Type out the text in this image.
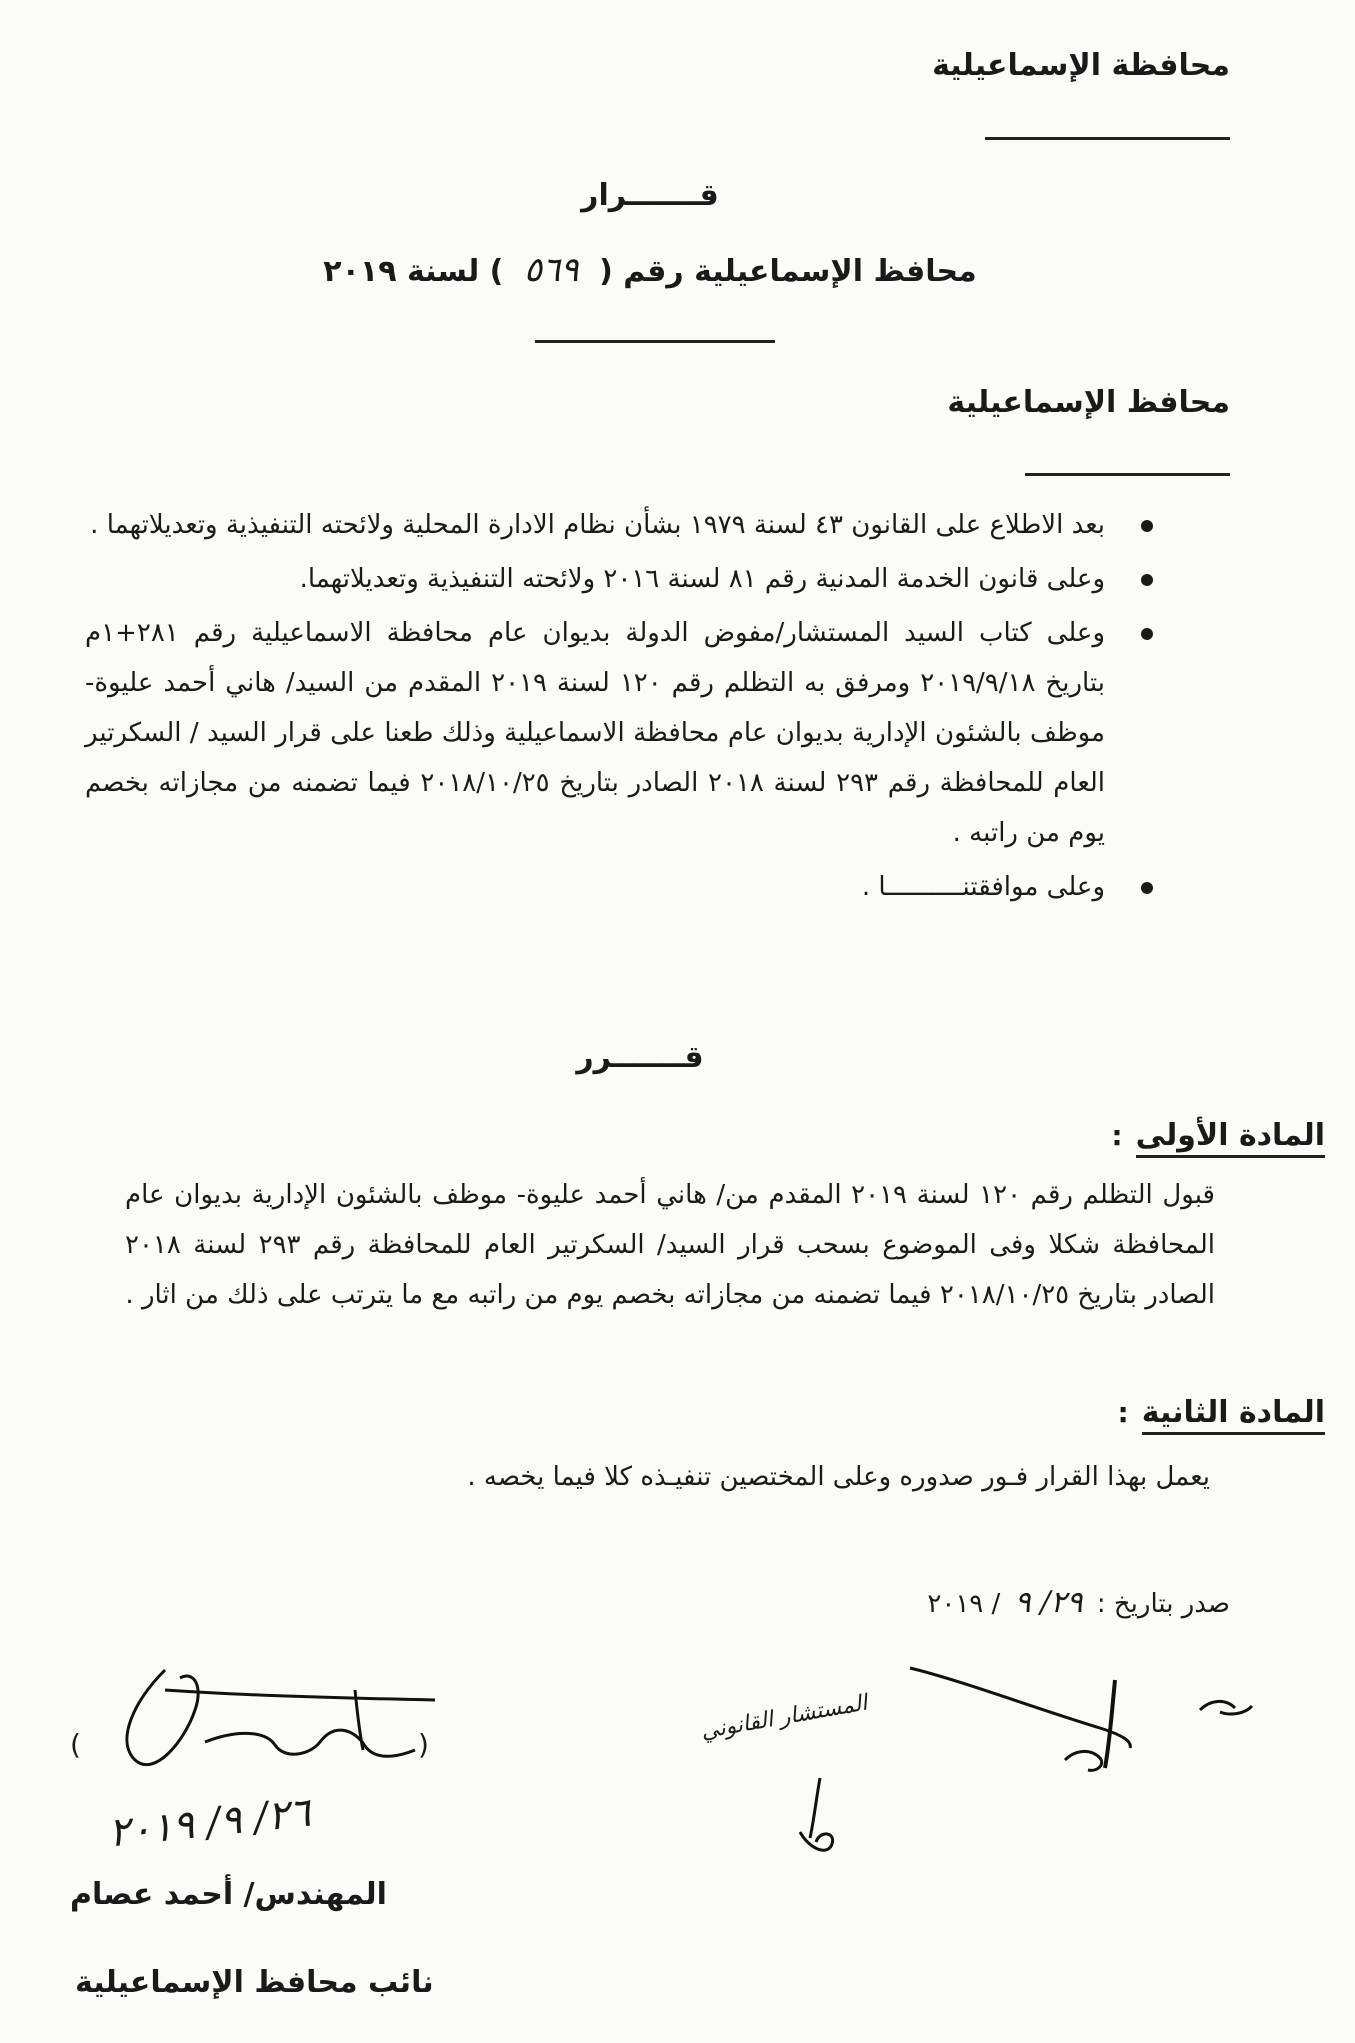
محافظة الإسماعيلية
قـــــــرار
محافظ الإسماعيلية رقم ( ٥٦٩ ) لسنة ٢٠١٩
محافظ الإسماعيلية
بعد الاطلاع على القانون ٤٣ لسنة ١٩٧٩ بشأن نظام الادارة المحلية ولائحته التنفيذية وتعديلاتهما .
وعلى قانون الخدمة المدنية رقم ٨١ لسنة ٢٠١٦ ولائحته التنفيذية وتعديلاتهما.
وعلى كتاب السيد المستشار/مفوض الدولة بديوان عام محافظة الاسماعيلية رقم ٢٨١+١م بتاريخ ٢٠١٩/٩/١٨ ومرفق به التظلم رقم ١٢٠ لسنة ٢٠١٩ المقدم من السيد/ هاني أحمد عليوة- موظف بالشئون الإدارية بديوان عام محافظة الاسماعيلية وذلك طعنا على قرار السيد / السكرتير العام للمحافظة رقم ٢٩٣ لسنة ٢٠١٨ الصادر بتاريخ ٢٠١٨/١٠/٢٥ فيما تضمنه من مجازاته بخصم يوم من راتبه .
وعلى موافقتنــــــــــا .
قـــــــرر
المادة الأولى :
قبول التظلم رقم ١٢٠ لسنة ٢٠١٩ المقدم من/ هاني أحمد عليوة- موظف بالشئون الإدارية بديوان عام المحافظة شكلا وفى الموضوع بسحب قرار السيد/ السكرتير العام للمحافظة رقم ٢٩٣ لسنة ٢٠١٨ الصادر بتاريخ ٢٠١٨/١٠/٢٥ فيما تضمنه من مجازاته بخصم يوم من راتبه مع ما يترتب على ذلك من اثار .
المادة الثانية :
يعمل بهذا القرار فـور صدوره وعلى المختصين تنفيـذه كلا فيما يخصه .
صدر بتاريخ : ٢٩/ ٩ / ٢٠١٩
المستشار القانوني
(	)
٢٦/ ٩/ ٢٠١٩
المهندس/ أحمد عصام
نائب محافظ الإسماعيلية
